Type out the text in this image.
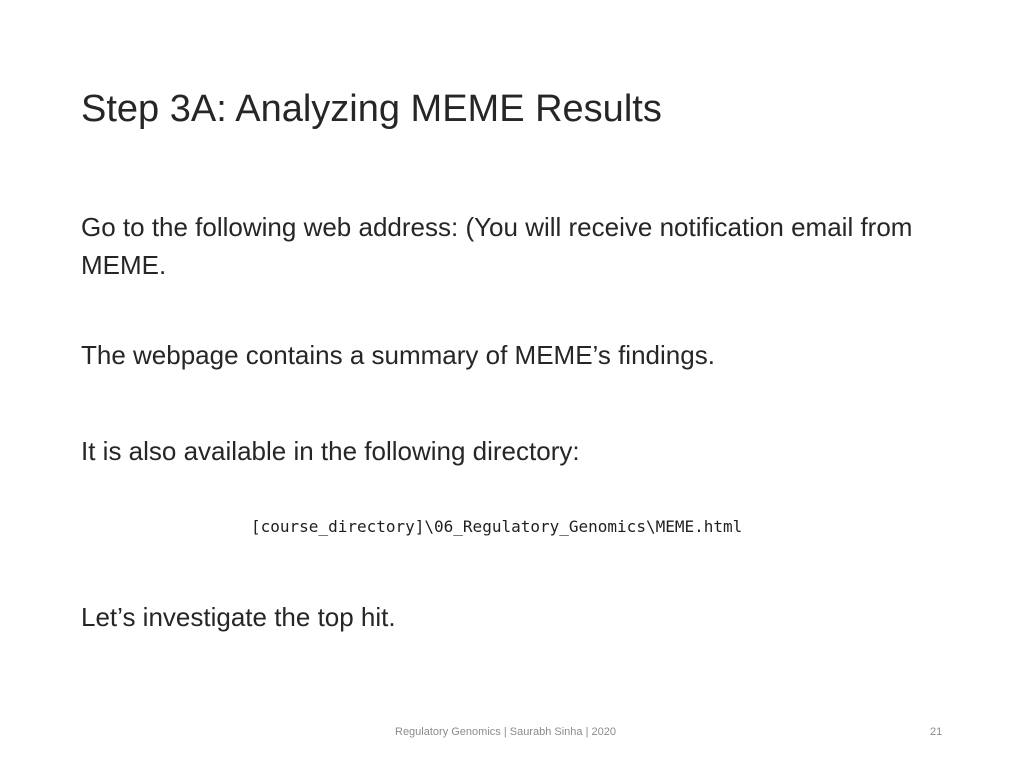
Step 3A: Analyzing MEME Results
Go to the following web address: (You will receive notification email from MEME.
The webpage contains a summary of MEME’s findings.
It is also available in the following directory:
[course_directory]\06_Regulatory_Genomics\MEME.html
Let’s investigate the top hit.
Regulatory Genomics | Saurabh Sinha | 2020	21
